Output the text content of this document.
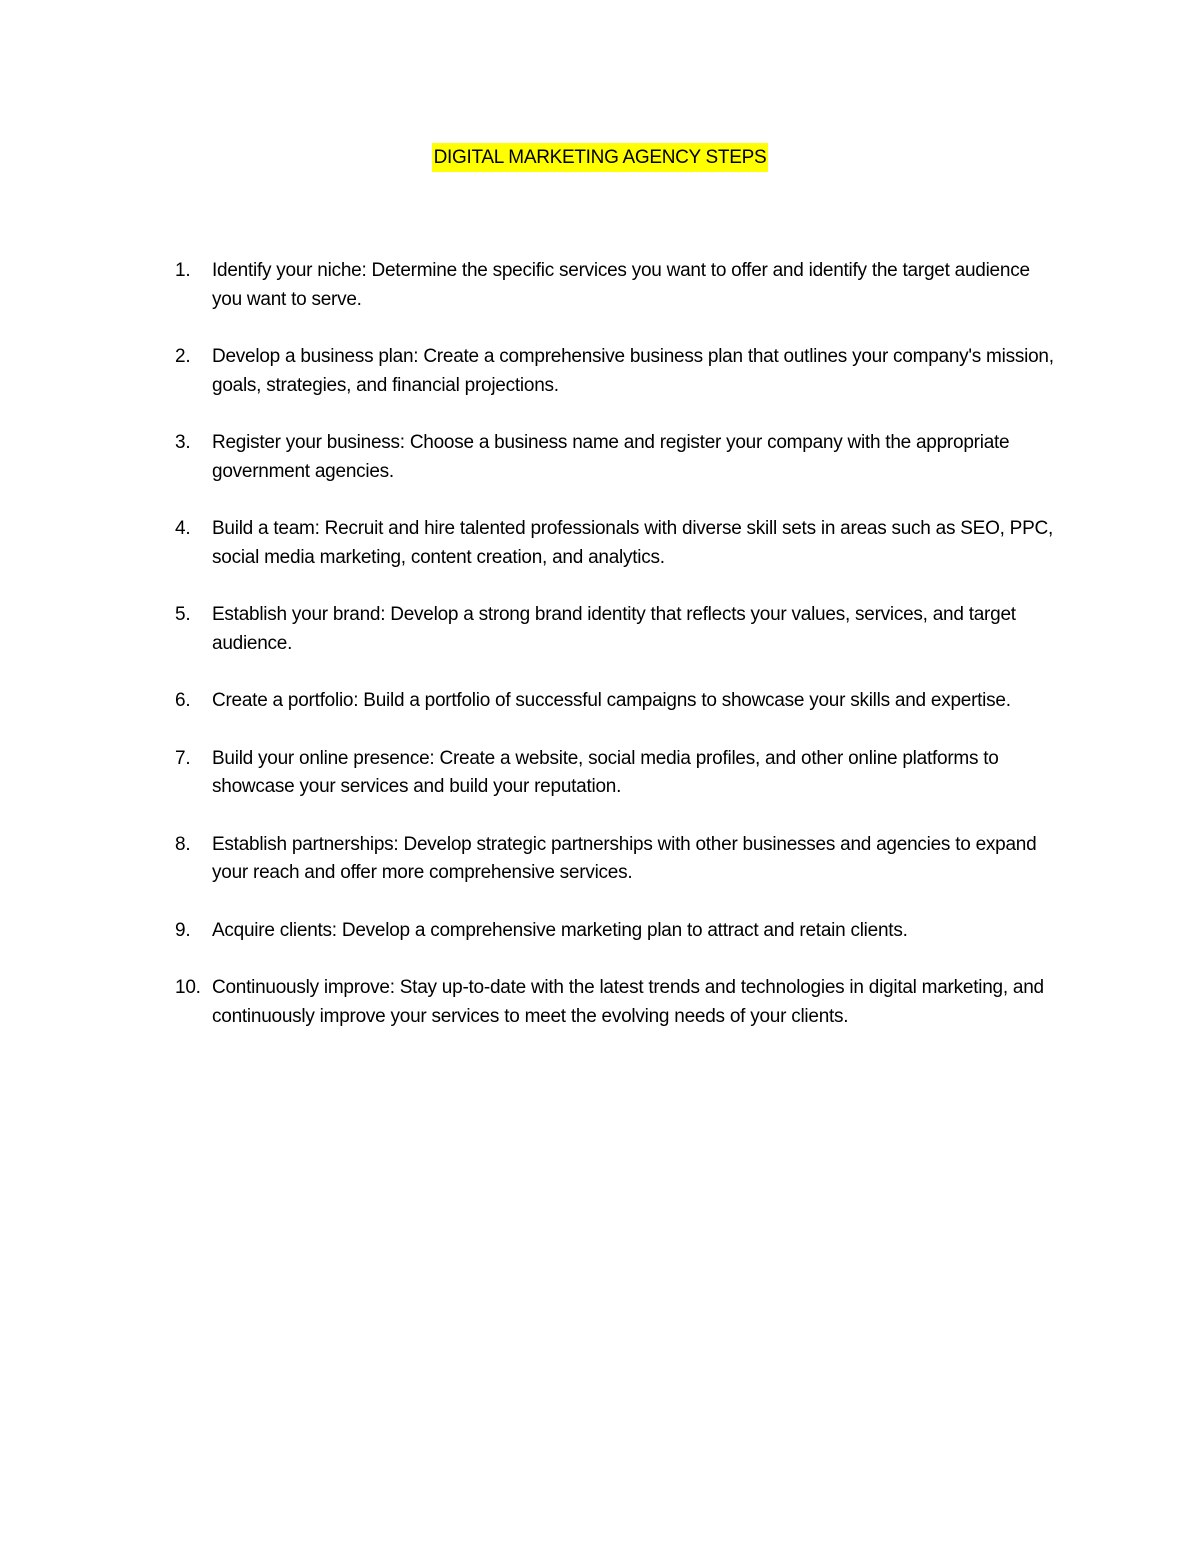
DIGITAL MARKETING AGENCY STEPS
1. Identify your niche: Determine the specific services you want to offer and identify the target audience you want to serve.
2. Develop a business plan: Create a comprehensive business plan that outlines your company's mission, goals, strategies, and financial projections.
3. Register your business: Choose a business name and register your company with the appropriate government agencies.
4. Build a team: Recruit and hire talented professionals with diverse skill sets in areas such as SEO, PPC, social media marketing, content creation, and analytics.
5. Establish your brand: Develop a strong brand identity that reflects your values, services, and target audience.
6. Create a portfolio: Build a portfolio of successful campaigns to showcase your skills and expertise.
7. Build your online presence: Create a website, social media profiles, and other online platforms to showcase your services and build your reputation.
8. Establish partnerships: Develop strategic partnerships with other businesses and agencies to expand your reach and offer more comprehensive services.
9. Acquire clients: Develop a comprehensive marketing plan to attract and retain clients.
10. Continuously improve: Stay up-to-date with the latest trends and technologies in digital marketing, and continuously improve your services to meet the evolving needs of your clients.
